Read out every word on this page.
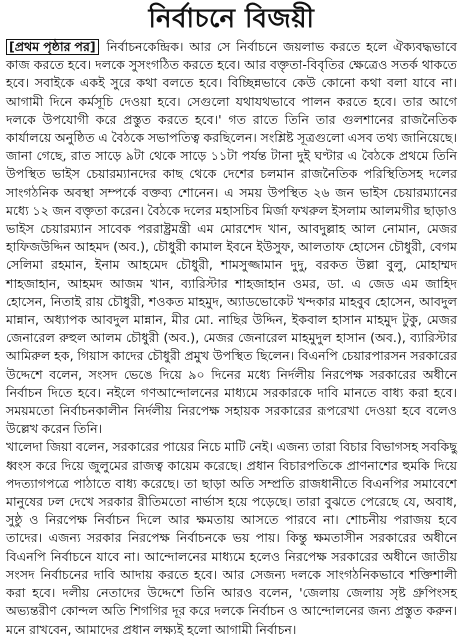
নির্বাচনে বিজয়ী

[প্রথম পৃষ্ঠার পর] নির্বাচনকেন্দ্রিক। আর সে নির্বাচনে জয়লাভ করতে হলে ঐক্যবদ্ধভাবে কাজ করতে হবে। দলকে সুসংগঠিত করতে হবে। আর বক্তৃতা-বিবৃতির ক্ষেত্রেও সতর্ক থাকতে হবে। সবাইকে একই সুরে কথা বলতে হবে। বিচ্ছিন্নভাবে কেউ কোনো কথা বলা যাবে না। আগামী দিনে কর্মসূচি দেওয়া হবে। সেগুলো যথাযথভাবে পালন করতে হবে। তার আগে দলকে উপযোগী করে প্রস্তুত করতে হবে।' গত রাতে তিনি তার গুলশানের রাজনৈতিক কার্যালয়ে অনুষ্ঠিত এ বৈঠকে সভাপতিত্ব করছিলেন। সংশ্লিষ্ট সূত্রগুলো এসব তথ্য জানিয়েছে। জানা গেছে, রাত সাড়ে ৯টা থেকে সাড়ে ১১টা পর্যন্ত টানা দুই ঘণ্টার এ বৈঠকে প্রথমে তিনি উপস্থিত ভাইস চেয়ারম্যানদের কাছ থেকে দেশের চলমান রাজনৈতিক পরিস্থিতিসহ দলের সাংগঠনিক অবস্থা সম্পর্কে বক্তব্য শোনেন। এ সময় উপস্থিত ২৬ জন ভাইস চেয়ারম্যানের মধ্যে ১২ জন বক্তৃতা করেন। বৈঠকে দলের মহাসচিব মির্জা ফখরুল ইসলাম আলমগীর ছাড়াও ভাইস চেয়ারম্যান সাবেক পররাষ্ট্রমন্ত্রী এম মোরশেদ খান, আবদুল্লাহ আল নোমান, মেজর হাফিজউদ্দিন আহমদ (অব.), চৌধুরী কামাল ইবনে ইউসুফ, আলতাফ হোসেন চৌধুরী, বেগম সেলিমা রহমান, ইনাম আহমেদ চৌধুরী, শামসুজ্জামান দুদু, বরকত উল্লা বুলু, মোহাম্মদ শাহজাহান, আহমদ আজম খান, ব্যারিস্টার শাহজাহান ওমর, ডা. এ জেড এম জাহিদ হোসেন, নিতাই রায় চৌধুরী, শওকত মাহমুদ, অ্যাডভোকেট খন্দকার মাহবুব হোসেন, আবদুল মান্নান, অধ্যাপক আবদুল মান্নান, মীর মো. নাছির উদ্দিন, ইকবাল হাসান মাহমুদ টুকু, মেজর জেনারেল রুহুল আলম চৌধুরী (অব.), মেজর জেনারেল মাহমুদুল হাসান (অব.), ব্যারিস্টার আমিরুল হক, গিয়াস কাদের চৌধুরী প্রমুখ উপস্থিত ছিলেন। বিএনপি চেয়ারপারসন সরকারের উদ্দেশে বলেন, সংসদ ভেঙে দিয়ে ৯০ দিনের মধ্যে নির্দলীয় নিরপেক্ষ সরকারের অধীনে নির্বাচন দিতে হবে। নইলে গণআন্দোলনের মাধ্যমে সরকারকে দাবি মানতে বাধ্য করা হবে। সময়মতো নির্বাচনকালীন নির্দলীয় নিরপেক্ষ সহায়ক সরকারের রূপরেখা দেওয়া হবে বলেও উল্লেখ করেন তিনি।

খালেদা জিয়া বলেন, সরকারের পায়ের নিচে মাটি নেই। এজন্য তারা বিচার বিভাগসহ সবকিছু ধ্বংস করে দিয়ে জুলুমের রাজত্ব কায়েম করেছে। প্রধান বিচারপতিকে প্রাণনাশের হুমকি দিয়ে পদত্যাগপত্রে পাঠাতে বাধ্য করেছে। তা ছাড়া অতি সম্প্রতি রাজধানীতে বিএনপির সমাবেশে মানুষের ঢল দেখে সরকার রীতিমতো নার্ভাস হয়ে পড়েছে। তারা বুঝতে পেরেছে যে, অবাধ, সুষ্ঠু ও নিরপেক্ষ নির্বাচন দিলে আর ক্ষমতায় আসতে পারবে না। শোচনীয় পরাজয় হবে তাদের। এজন্য সরকার নিরপেক্ষ নির্বাচনকে ভয় পায়। কিন্তু ক্ষমতাসীন সরকারের অধীনে বিএনপি নির্বাচনে যাবে না। আন্দোলনের মাধ্যমে হলেও নিরপেক্ষ সরকারের অধীনে জাতীয় সংসদ নির্বাচনের দাবি আদায় করতে হবে। আর সেজন্য দলকে সাংগঠনিকভাবে শক্তিশালী করা হবে। দলীয় নেতাদের উদ্দেশে তিনি আরও বলেন, 'জেলায় জেলায় সৃষ্ট গ্রুপিংসহ অভ্যন্তরীণ কোন্দল অতি শিগগির দূর করে দলকে নির্বাচন ও আন্দোলনের জন্য প্রস্তুত করুন। মনে রাখবেন, আমাদের প্রধান লক্ষ্যই হলো আগামী নির্বাচন।
